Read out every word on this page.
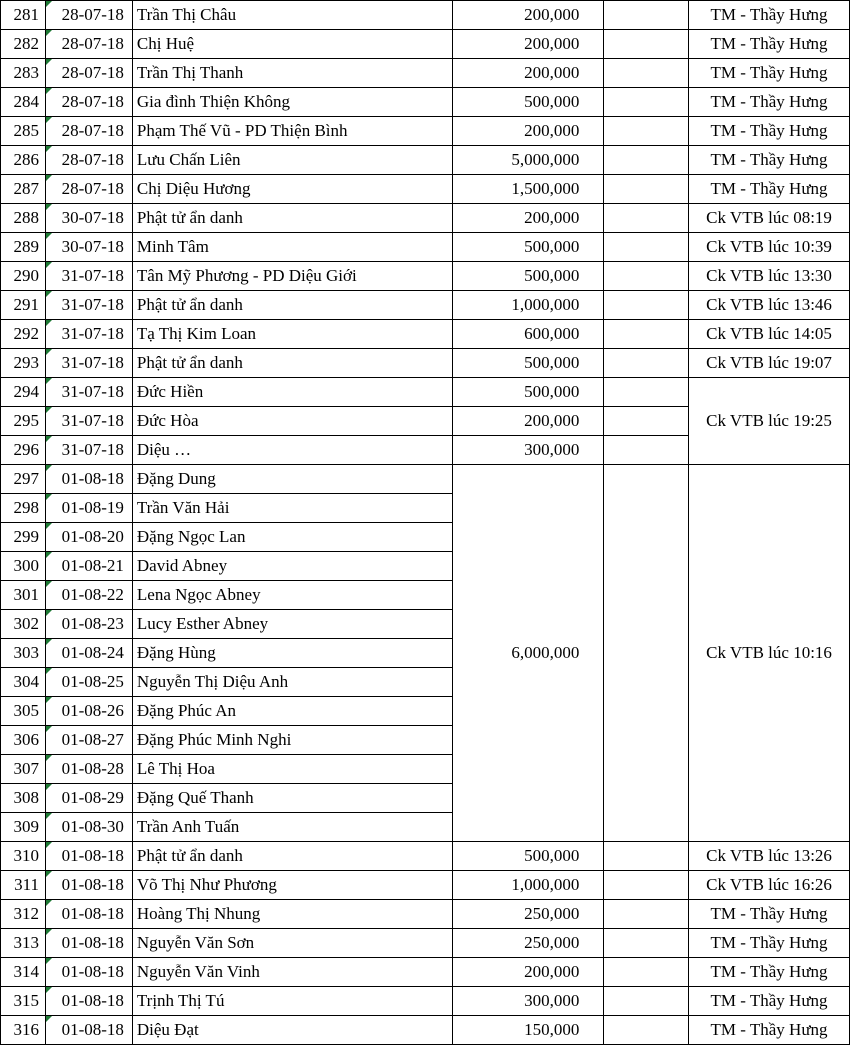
281	28-07-18	Trần Thị Châu	200,000		TM - Thầy Hưng
282	28-07-18	Chị Huệ	200,000		TM - Thầy Hưng
283	28-07-18	Trần Thị Thanh	200,000		TM - Thầy Hưng
284	28-07-18	Gia đình Thiện Không	500,000		TM - Thầy Hưng
285	28-07-18	Phạm Thế Vũ - PD Thiện Bình	200,000		TM - Thầy Hưng
286	28-07-18	Lưu Chấn Liên	5,000,000		TM - Thầy Hưng
287	28-07-18	Chị Diệu Hương	1,500,000		TM - Thầy Hưng
288	30-07-18	Phật tử ẩn danh	200,000		Ck VTB lúc 08:19
289	30-07-18	Minh Tâm	500,000		Ck VTB lúc 10:39
290	31-07-18	Tân Mỹ Phương - PD Diệu Giới	500,000		Ck VTB lúc 13:30
291	31-07-18	Phật tử ẩn danh	1,000,000		Ck VTB lúc 13:46
292	31-07-18	Tạ Thị Kim Loan	600,000		Ck VTB lúc 14:05
293	31-07-18	Phật tử ẩn danh	500,000		Ck VTB lúc 19:07
294	31-07-18	Đức Hiền	500,000		Ck VTB lúc 19:25
295	31-07-18	Đức Hòa	200,000		
296	31-07-18	Diệu …	300,000		
297	01-08-18	Đặng Dung	6,000,000		Ck VTB lúc 10:16
298	01-08-19	Trần Văn Hải			
299	01-08-20	Đặng Ngọc Lan			
300	01-08-21	David Abney			
301	01-08-22	Lena Ngọc Abney			
302	01-08-23	Lucy Esther Abney			
303	01-08-24	Đặng Hùng			
304	01-08-25	Nguyễn Thị Diệu Anh			
305	01-08-26	Đặng Phúc An			
306	01-08-27	Đặng Phúc Minh Nghi			
307	01-08-28	Lê Thị Hoa			
308	01-08-29	Đặng Quế Thanh			
309	01-08-30	Trần Anh Tuấn			
310	01-08-18	Phật tử ẩn danh	500,000		Ck VTB lúc 13:26
311	01-08-18	Võ Thị Như Phương	1,000,000		Ck VTB lúc 16:26
312	01-08-18	Hoàng Thị Nhung	250,000		TM - Thầy Hưng
313	01-08-18	Nguyễn Văn Sơn	250,000		TM - Thầy Hưng
314	01-08-18	Nguyễn Văn Vinh	200,000		TM - Thầy Hưng
315	01-08-18	Trịnh Thị Tú	300,000		TM - Thầy Hưng
316	01-08-18	Diệu Đạt	150,000		TM - Thầy Hưng
